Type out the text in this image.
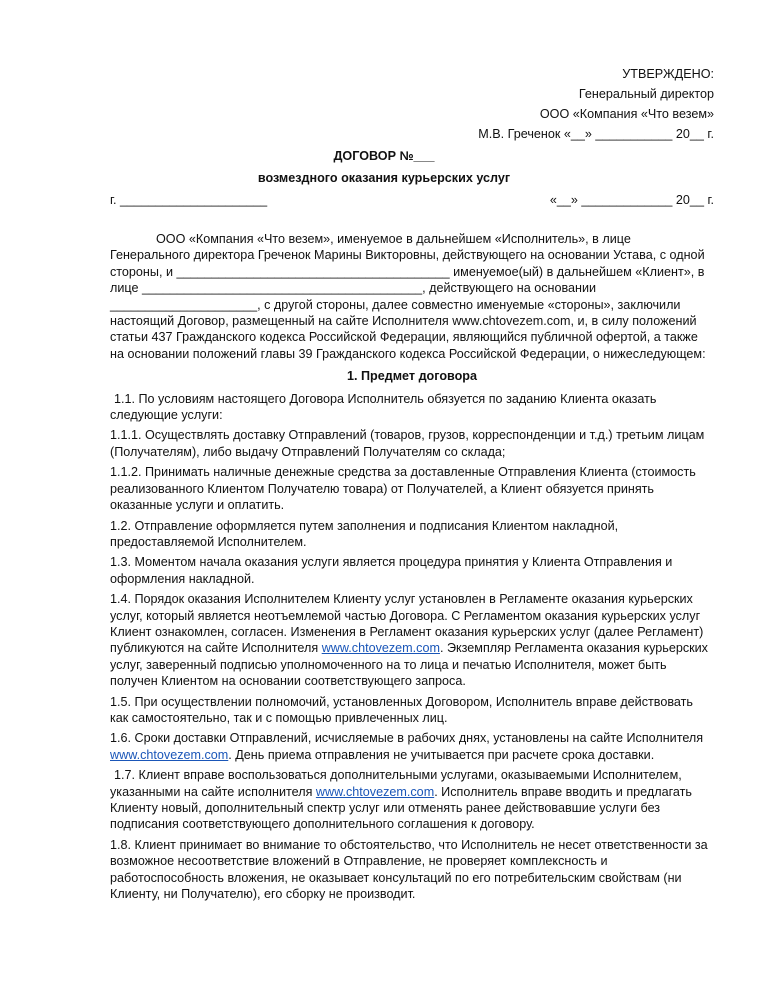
УТВЕРЖДЕНО:
Генеральный директор
ООО «Компания «Что везем»
М.В. Греченок «__» ___________ 20__ г.
ДОГОВОР №___
возмездного оказания курьерских услуг
г. _____________________	«__» _____________ 20__ г.

ООО «Компания «Что везем», именуемое в дальнейшем «Исполнитель», в лице Генерального директора Греченок Марины Викторовны, действующего на основании Устава, с одной стороны, и _______________________________________ именуемое(ый) в дальнейшем «Клиент», в лице ________________________________________, действующего на основании _____________________, с другой стороны, далее совместно именуемые «стороны», заключили настоящий Договор, размещенный на сайте Исполнителя www.chtovezem.com, и, в силу положений статьи 437 Гражданского кодекса Российской Федерации, являющийся публичной офертой, а также на основании положений главы 39 Гражданского кодекса Российской Федерации, о нижеследующем:

1. Предмет договора

1.1. По условиям настоящего Договора Исполнитель обязуется по заданию Клиента оказать следующие услуги:

1.1.1. Осуществлять доставку Отправлений (товаров, грузов, корреспонденции и т.д.) третьим лицам (Получателям), либо выдачу Отправлений Получателям со склада;

1.1.2. Принимать наличные денежные средства за доставленные Отправления Клиента (стоимость реализованного Клиентом Получателю товара) от Получателей, а Клиент обязуется принять оказанные услуги и оплатить.

1.2. Отправление оформляется путем заполнения и подписания Клиентом накладной, предоставляемой Исполнителем.

1.3. Моментом начала оказания услуги является процедура принятия у Клиента Отправления и оформления накладной.

1.4. Порядок оказания Исполнителем Клиенту услуг установлен в Регламенте оказания курьерских услуг, который является неотъемлемой частью Договора. С Регламентом оказания курьерских услуг Клиент ознакомлен, согласен. Изменения в Регламент оказания курьерских услуг (далее Регламент) публикуются на сайте Исполнителя www.chtovezem.com. Экземпляр Регламента оказания курьерских услуг, заверенный подписью уполномоченного на то лица и печатью Исполнителя, может быть получен Клиентом на основании соответствующего запроса.

1.5. При осуществлении полномочий, установленных Договором, Исполнитель вправе действовать как самостоятельно, так и с помощью привлеченных лиц.

1.6. Сроки доставки Отправлений, исчисляемые в рабочих днях, установлены на сайте Исполнителя www.chtovezem.com. День приема отправления не учитывается при расчете срока доставки.

1.7. Клиент вправе воспользоваться дополнительными услугами, оказываемыми Исполнителем, указанными на сайте исполнителя www.chtovezem.com. Исполнитель вправе вводить и предлагать Клиенту новый, дополнительный спектр услуг или отменять ранее действовавшие услуги без подписания соответствующего дополнительного соглашения к договору.

1.8. Клиент принимает во внимание то обстоятельство, что Исполнитель не несет ответственности за возможное несоответствие вложений в Отправление, не проверяет комплексность и работоспособность вложения, не оказывает консультаций по его потребительским свойствам (ни Клиенту, ни Получателю), его сборку не производит.
